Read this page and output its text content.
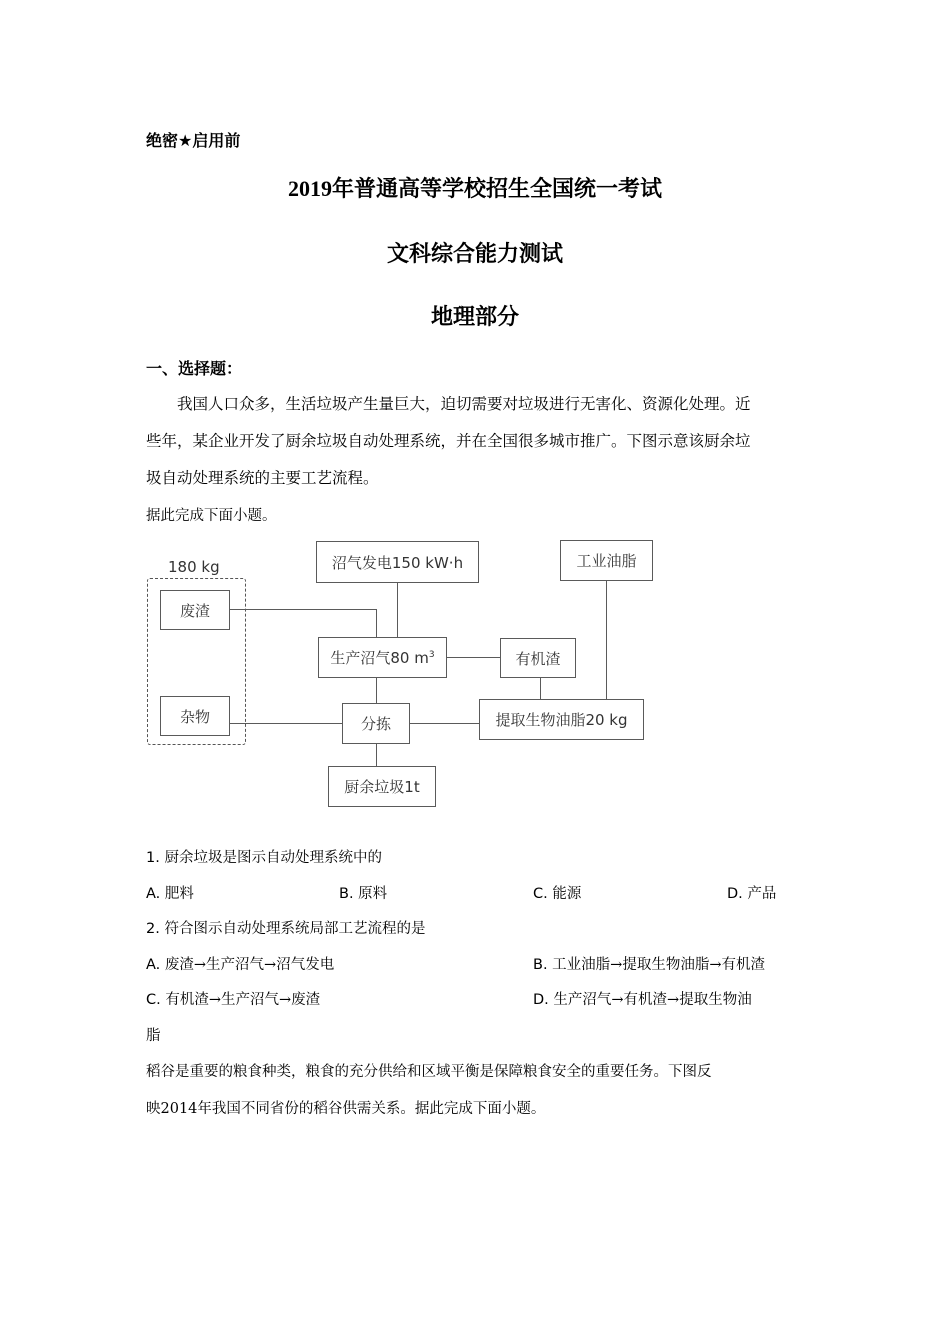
绝密★启用前
2019年普通高等学校招生全国统一考试
文科综合能力测试
地理部分
一、选择题：
我国人口众多，生活垃圾产生量巨大，迫切需要对垃圾进行无害化、资源化处理。近
些年，某企业开发了厨余垃圾自动处理系统，并在全国很多城市推广。下图示意该厨余垃
圾自动处理系统的主要工艺流程。
据此完成下面小题。
180 kg
废渣
杂物
沼气发电150 kW·h
生产沼气80 $m^3$
分拣
厨余垃圾1t
有机渣
提取生物油脂20 kg
工业油脂
1. 厨余垃圾是图示自动处理系统中的
A. 肥料	B. 原料	C. 能源	D. 产品
2. 符合图示自动处理系统局部工艺流程的是
A. 废渣→生产沼气→沼气发电	B. 工业油脂→提取生物油脂→有机渣
C. 有机渣→生产沼气→废渣	D. 生产沼气→有机渣→提取生物油
脂
稻谷是重要的粮食种类，粮食的充分供给和区域平衡是保障粮食安全的重要任务。下图反
映2014年我国不同省份的稻谷供需关系。据此完成下面小题。
